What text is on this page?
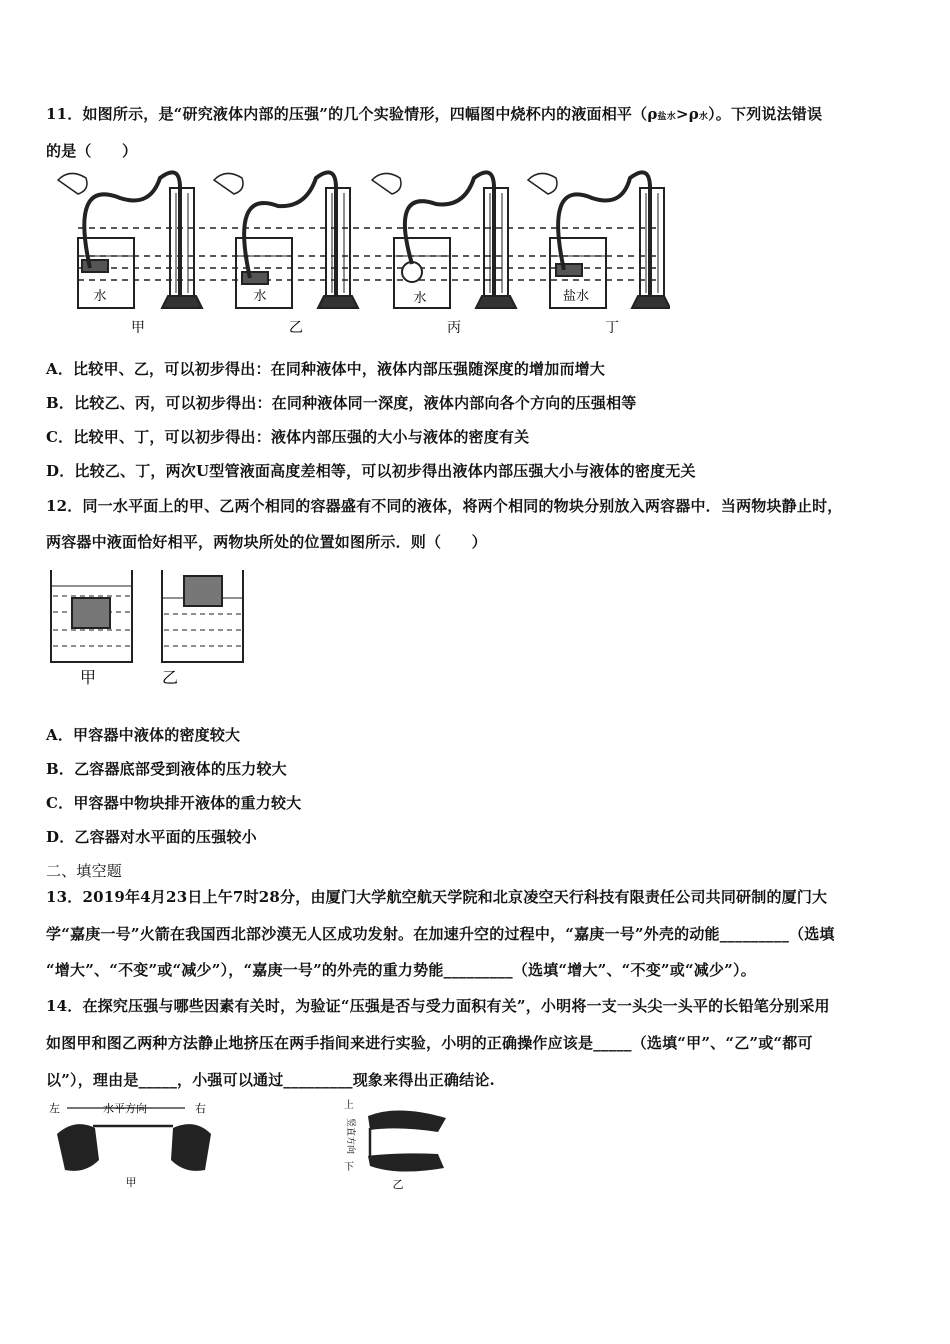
11．如图所示，是“研究液体内部的压强”的几个实验情形，四幅图中烧杯内的液面相平（ρ盐水>ρ水）。下列说法错误
的是（　　）
水	水	水	盐水
甲	乙	丙	丁
A．比较甲、乙，可以初步得出：在同种液体中，液体内部压强随深度的增加而增大
B．比较乙、丙，可以初步得出：在同种液体同一深度，液体内部向各个方向的压强相等
C．比较甲、丁，可以初步得出：液体内部压强的大小与液体的密度有关
D．比较乙、丁，两次U型管液面高度差相等，可以初步得出液体内部压强大小与液体的密度无关
12．同一水平面上的甲、乙两个相同的容器盛有不同的液体，将两个相同的物块分别放入两容器中．当两物块静止时，
两容器中液面恰好相平，两物块所处的位置如图所示．则（　　）
甲	乙
A．甲容器中液体的密度较大
B．乙容器底部受到液体的压力较大
C．甲容器中物块排开液体的重力较大
D．乙容器对水平面的压强较小
二、填空题
13．2019年4月23日上午7时28分，由厦门大学航空航天学院和北京凌空天行科技有限责任公司共同研制的厦门大
学“嘉庚一号”火箭在我国西北部沙漠无人区成功发射。在加速升空的过程中，“嘉庚一号”外壳的动能_________（选填
“增大”、“不变”或“减少”），“嘉庚一号”的外壳的重力势能_________（选填“增大”、“不变”或“减少”）。
14．在探究压强与哪些因素有关时，为验证“压强是否与受力面积有关”，小明将一支一头尖一头平的长铅笔分别采用
如图甲和图乙两种方法静止地挤压在两手指间来进行实验，小明的正确操作应该是_____（选填“甲”、“乙”或“都可
以”），理由是_____，小强可以通过_________现象来得出正确结论.
左	水平方向	右
甲
上
竖直方向
下
乙
